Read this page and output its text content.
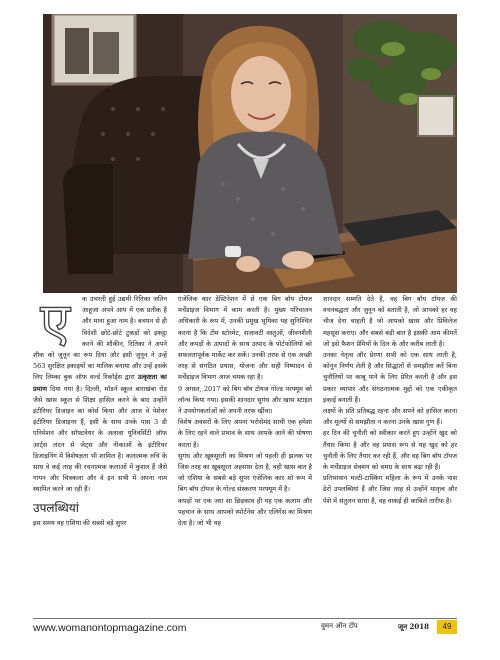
ए	क उभरती हुई उद्यमी रितिका जतिन आहूजा अपने आप में एक प्रतीक है और माना हुआ नाम है। बचपन से ही विदेशी छोटे-छोटे टुकड़ों को इकट्ठा करने की शौकीन, रितिका ने अपने शौक को जुनून का रूप दिया और इसी जुनून ने उन्हें 563 सुरक्षित इकाइयों का मालिक बनाया और उन्हें इसके लिए लिम्का बुक ऑफ वर्ल्ड रिकॉर्ड्स द्वारा उत्कृष्टता का प्रमाण दिया गया है। दिल्ली, मॉडर्न स्कूल बाराखंबा रोड जैसे खास स्कूल से शिक्षा हासिल करने के बाद उन्होंने इंटीरियर डिजाइन का कोर्स किया और आज वे पेशेवर इंटीरियर डिजाइनर हैं, इसी के साथ उनके पास 3 डी एनिमेशन और सॉफ्टवेयर के अलावा यूनिवर्सिटी ऑफ आर्ट्स लंदन से जेट्स और नीकाओं के इंटीरियर डिजाइनिंग में विशेषज्ञता भी शामिल है। कलात्मक रुचि के साथ वे कई तरह की रचनात्मक कलाओं में कुशल हैं जैसे गायन और चित्रकला और वे इन सभी में अपना नाम स्थापित करने जा रही हैं।

उपलब्धियां

इस समय वह एशिया की सबसे बड़े सुपर

एंजेलिक कार डेस्टिनेशन में से एक बिग बॉय टोयज मर्चेंडाइज विभाग में काम करती है। मुख्य परिचालन अधिकारी के रूप में, उनकी प्रमुख भूमिका यह सुनिश्चित करना है कि टीम स्टोरमेट, सजावटी वस्तुओं, जीवनशैली और कपड़ों के उत्पादों के साथ उत्पाद के पोर्टफोलियो को सफलतापूर्वक मार्केट कर सकें। उनकी तरफ से एक अच्छी तरह से संगठित प्रयास, योजना और सही निष्पादन से मर्चेंडाइज विभाग आज चमक रहा है।

9 अगस्त, 2017 को बिग बॉय टोयज गोल्ड परफ्यूम को लॉन्च किया गया। इसकी शानदार सुगंध और खास स्टाइल ने उपयोगकर्ताओं को अपनी तरफ खींचा।

विशेष अवसरों के लिए अपना भरोसेमंद साथी एक हमेशा के लिए रहने वाले प्रभाव के साथ आपके आने की घोषणा करता है।

सुगंध और खूबसूरती का मिश्रण जो पहली ही झलक पर जिस तरह का खूबसूरत अहसास देता है, वही खास बात है जो एशिया के सबसे बड़े सुपर एंजेलिक कार शो रूम में बिग बॉय टॉयज के गोल्ड संस्करण परफ्यूम में है।

कपड़ों पर एक जरा सा छिड़काव ही यह एक कलाम और पहचान के साथ आपको स्पोर्टनेस और एलिगेंस का मिश्रण देता है। जो भी यह

शानदार सम्मति देते है, वह बिग बॉय टॉयज की वचनबद्धता और जुनून को बताती है, जो आपको हर वह चीज देना चाहती है जो आपको खास और प्रिविलेज महसूस कराए। और सबसे बड़ी बात है इसकी आम कीमतें जो इसे फैशन प्रेमियों के दिल के और करीब लाती है।

उनका नेतृत्व और प्रेरणा सभी को एक साथ लाती है, कोनून निर्णय लेती है और सिद्धांतों से समझौता करें बिना चुनौतियों पर काबू पाने के लिए प्रेरित करती है और इस प्रकार व्यापार और संगठनात्मक मुद्दों को एक एकीकृत इकाई बनाती हैं।

लक्ष्यों के प्रति प्रतिबद्ध रहना और सपने को हासिल करना और मूल्यों से समझौता न करना उनके खास गुण हैं।

हर दिन की चुनौती को स्वीकार करते हुए उन्होंने खुद को तैयार किया है और वह प्रयास रूप से यह खुद को हर चुनौती के लिए तैयार कर रही हैं, और वह बिग बॉय टॉयज के मर्चेंडाइज सेक्शन को समग्र के साथ बढ़ा रही हैं।

प्रतिभावान मल्टी-टास्किंग महिला के रूप में उनके पास ढेरों उपलब्धियां हैं और जिस तरह से उन्होंने मातृत्व और पेशे में संतुलन साधा है, वह वाकई ही काबिले तारीफ है।

www.womanontopmagazine.com	वुमन ऑन टॉप	जून 2018	49
